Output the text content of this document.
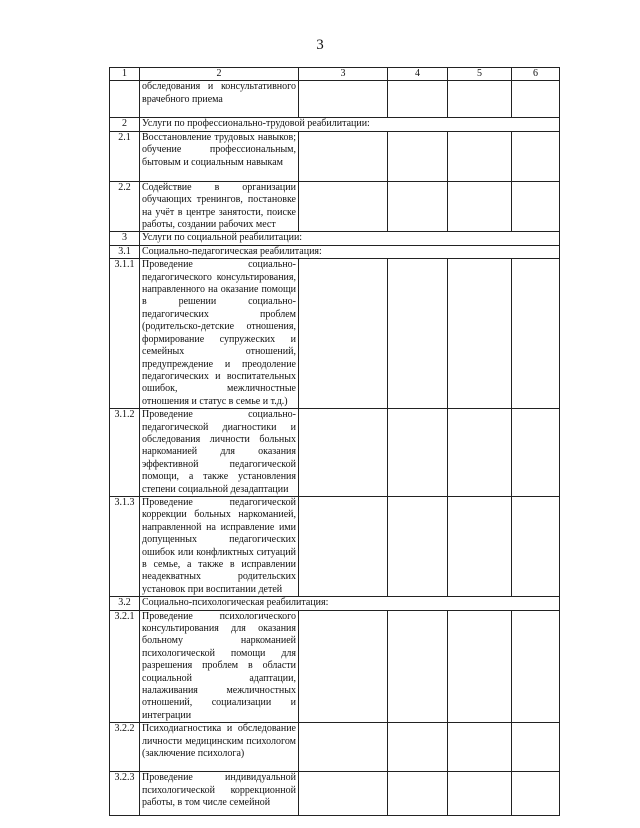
3
1	2	3	4	5	6
	обследования и консультативного врачебного приема				
2	Услуги по профессионально-трудовой реабилитации:				
2.1	Восстановление трудовых навыков; обучение профессиональным, бытовым и социальным навыкам				
2.2	Содействие в организации обучающих тренингов, постановке на учёт в центре занятости, поиске работы, создании рабочих мест				
3	Услуги по социальной реабилитации:				
3.1	Социально-педагогическая реабилитация:				
3.1.1	Проведение социально-педагогического консультирования, направленного на оказание помощи в решении социально-педагогических проблем (родительско-детские отношения, формирование супружеских и семейных отношений, предупреждение и преодоление педагогических и воспитательных ошибок, межличностные отношения и статус в семье и т.д.)				
3.1.2	Проведение социально-педагогической диагностики и обследования личности больных наркоманией для оказания эффективной педагогической помощи, а также установления степени социальной дезадаптации				
3.1.3	Проведение педагогической коррекции больных наркоманией, направленной на исправление ими допущенных педагогических ошибок или конфликтных ситуаций в семье, а также в исправлении неадекватных родительских установок при воспитании детей				
3.2	Социально-психологическая реабилитация:				
3.2.1	Проведение психологического консультирования для оказания больному наркоманией психологической помощи для разрешения проблем в области социальной адаптации, налаживания межличностных отношений, социализации и интеграции				
3.2.2	Психодиагностика и обследование личности медицинским психологом (заключение психолога)				
3.2.3	Проведение индивидуальной психологической коррекционной работы, в том числе семейной				
